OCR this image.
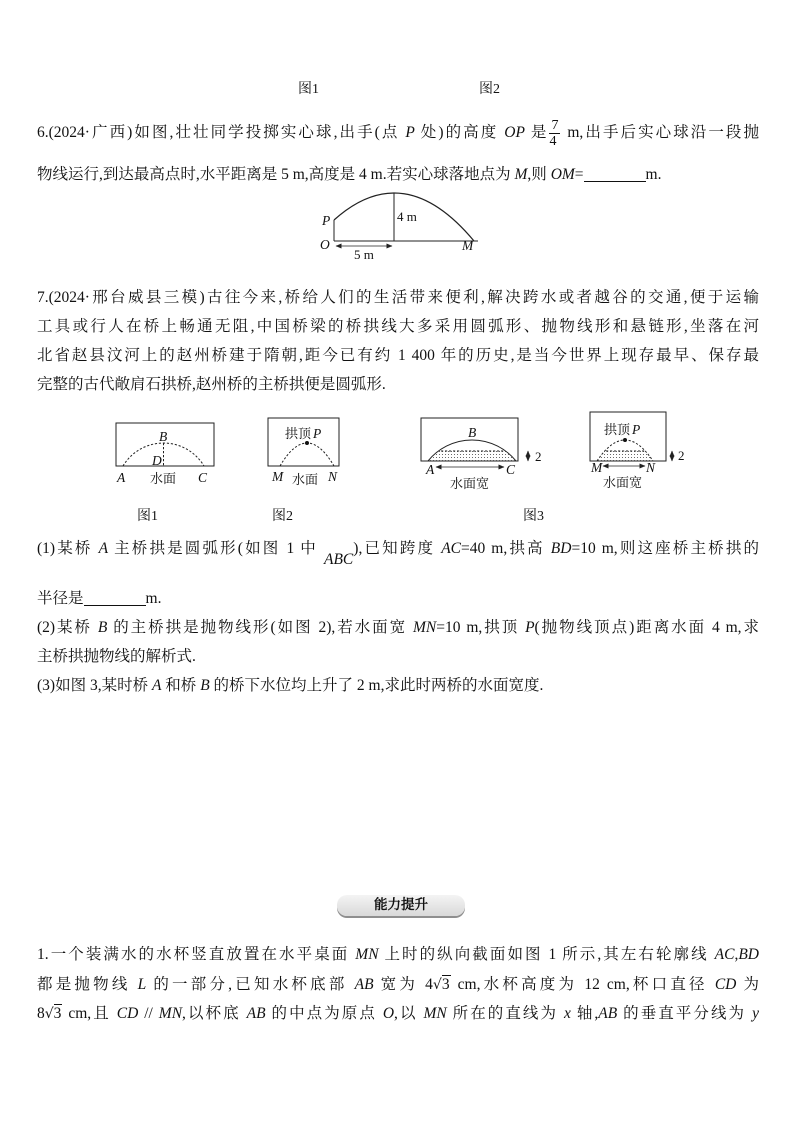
图1	图2
6.(2024·广西)如图,壮壮同学投掷实心球,出手(点 P 处)的高度 OP 是 $\frac{7}{4} m$,出手后实心球沿一段抛
物线运行,到达最高点时,水平距离是 5 m,高度是 4 m.若实心球落地点为 M,则 OM=	m.
P
O
4 m
5 m
M
7.(2024·邢台威县三模)古往今来,桥给人们的生活带来便利,解决跨水或者越谷的交通,便于运输
工具或行人在桥上畅通无阻,中国桥梁的桥拱线大多采用圆弧形、抛物线形和悬链形,坐落在河
北省赵县汶河上的赵州桥建于隋朝,距今已有约 1 400 年的历史,是当今世界上现存最早、保存最
完整的古代敞肩石拱桥,赵州桥的主桥拱便是圆弧形.
B
D
A 水面 C
拱顶 P
M 水面 N
B
A	C
水面宽
2
拱顶 P
M	N
水面宽
2
图1	图2	图3
(1)某桥 A 主桥拱是圆弧形(如图 1 中 ABC),已知跨度 AC=40 m,拱高 BD=10 m,则这座桥主桥拱的
半径是	m.
(2)某桥 B 的主桥拱是抛物线形(如图 2),若水面宽 MN=10 m,拱顶 P(抛物线顶点)距离水面 4 m,求
主桥拱抛物线的解析式.
(3)如图 3,某时桥 A 和桥 B 的桥下水位均上升了 2 m,求此时两桥的水面宽度.
能力提升
1.一个装满水的水杯竖直放置在水平桌面 MN 上时的纵向截面如图 1 所示,其左右轮廓线 AC,BD
都是抛物线 L 的一部分,已知水杯底部 AB 宽为 4√3 cm,水杯高度为 12 cm,杯口直径 CD 为
8√3 cm,且 CD // MN,以杯底 AB 的中点为原点 O,以 MN 所在的直线为 x 轴,AB 的垂直平分线为 y
